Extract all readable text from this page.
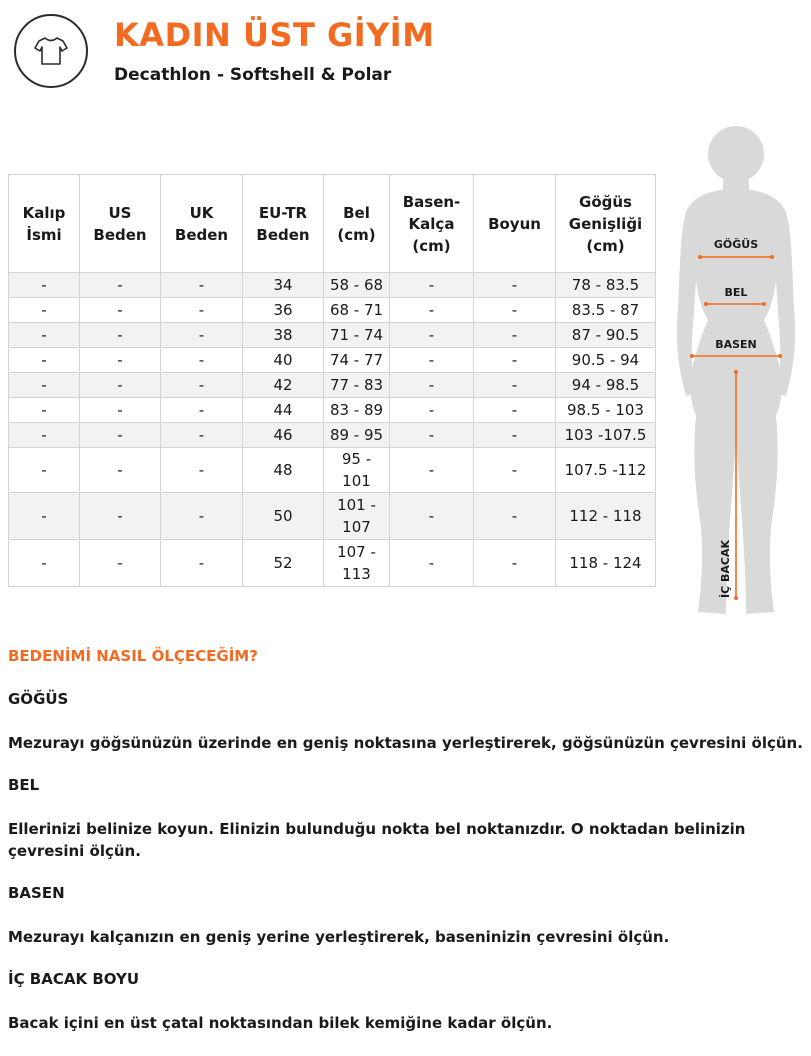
KADIN ÜST GİYİM
Decathlon - Softshell & Polar
Kalıp İsmi	US Beden	UK Beden	EU-TR Beden	Bel (cm)	Basen-Kalça (cm)	Boyun	Göğüs Genişliği (cm)
-	-	-	34	58 - 68	-	-	78 - 83.5
-	-	-	36	68 - 71	-	-	83.5 - 87
-	-	-	38	71 - 74	-	-	87 - 90.5
-	-	-	40	74 - 77	-	-	90.5 - 94
-	-	-	42	77 - 83	-	-	94 - 98.5
-	-	-	44	83 - 89	-	-	98.5 - 103
-	-	-	46	89 - 95	-	-	103 -107.5
-	-	-	48	95 - 101	-	-	107.5 -112
-	-	-	50	101 - 107	-	-	112 - 118
-	-	-	52	107 - 113	-	-	118 - 124
GÖĞÜS
BEL
BASEN
İÇ BACAK

BEDENİMİ NASIL ÖLÇECEĞİM?

GÖĞÜS

Mezurayı göğsünüzün üzerinde en geniş noktasına yerleştirerek, göğsünüzün çevresini ölçün.

BEL

Ellerinizi belinize koyun. Elinizin bulunduğu nokta bel noktanızdır. O noktadan belinizin çevresini ölçün.

BASEN

Mezurayı kalçanızın en geniş yerine yerleştirerek, baseninizin çevresini ölçün.

İÇ BACAK BOYU

Bacak içini en üst çatal noktasından bilek kemiğine kadar ölçün.
